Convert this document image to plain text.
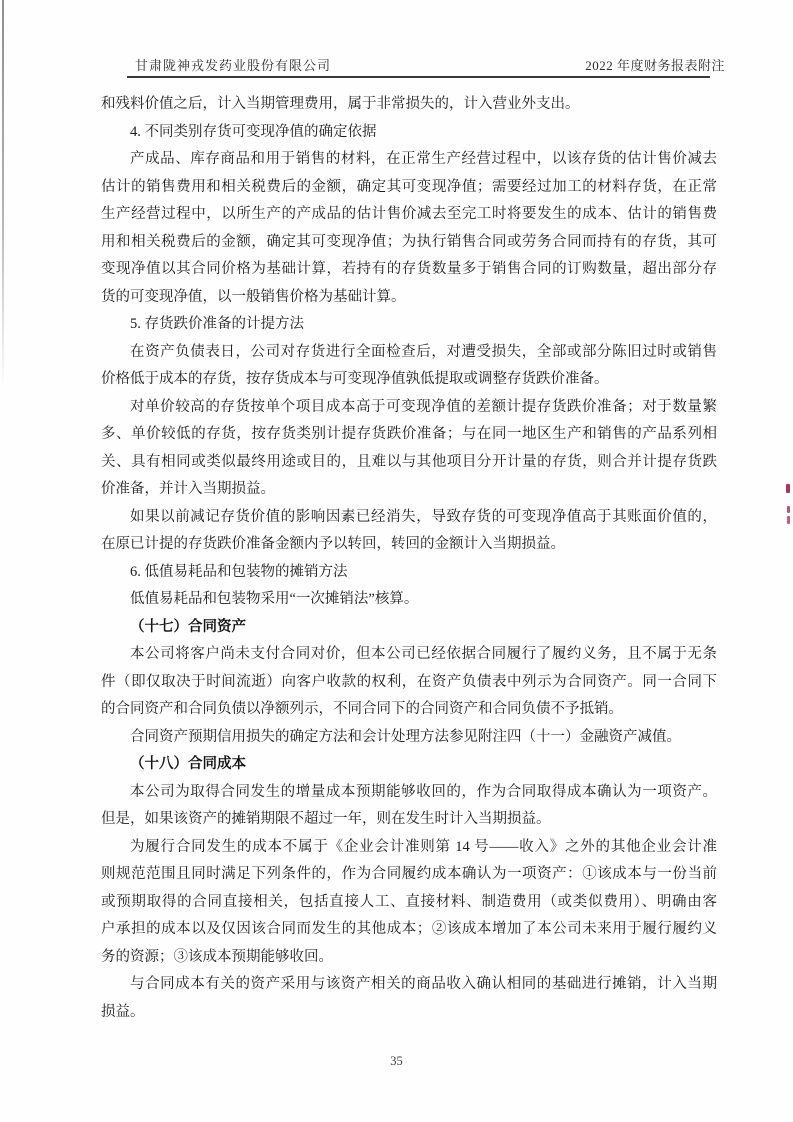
甘肃陇神戎发药业股份有限公司	2022 年度财务报表附注
和残料价值之后，计入当期管理费用，属于非常损失的，计入营业外支出。
4. 不同类别存货可变现净值的确定依据
产成品、库存商品和用于销售的材料，在正常生产经营过程中，以该存货的估计售价减去
估计的销售费用和相关税费后的金额，确定其可变现净值；需要经过加工的材料存货，在正常
生产经营过程中，以所生产的产成品的估计售价减去至完工时将要发生的成本、估计的销售费
用和相关税费后的金额，确定其可变现净值；为执行销售合同或劳务合同而持有的存货，其可
变现净值以其合同价格为基础计算，若持有的存货数量多于销售合同的订购数量，超出部分存
货的可变现净值，以一般销售价格为基础计算。
5. 存货跌价准备的计提方法
在资产负债表日，公司对存货进行全面检查后，对遭受损失，全部或部分陈旧过时或销售
价格低于成本的存货，按存货成本与可变现净值孰低提取或调整存货跌价准备。
对单价较高的存货按单个项目成本高于可变现净值的差额计提存货跌价准备；对于数量繁
多、单价较低的存货，按存货类别计提存货跌价准备；与在同一地区生产和销售的产品系列相
关、具有相同或类似最终用途或目的，且难以与其他项目分开计量的存货，则合并计提存货跌
价准备，并计入当期损益。
如果以前减记存货价值的影响因素已经消失，导致存货的可变现净值高于其账面价值的，
在原已计提的存货跌价准备金额内予以转回，转回的金额计入当期损益。
6. 低值易耗品和包装物的摊销方法
低值易耗品和包装物采用“一次摊销法”核算。
（十七）合同资产
本公司将客户尚未支付合同对价，但本公司已经依据合同履行了履约义务，且不属于无条
件（即仅取决于时间流逝）向客户收款的权利，在资产负债表中列示为合同资产。同一合同下
的合同资产和合同负债以净额列示，不同合同下的合同资产和合同负债不予抵销。
合同资产预期信用损失的确定方法和会计处理方法参见附注四（十一）金融资产减值。
（十八）合同成本
本公司为取得合同发生的增量成本预期能够收回的，作为合同取得成本确认为一项资产。
但是，如果该资产的摊销期限不超过一年，则在发生时计入当期损益。
为履行合同发生的成本不属于《企业会计准则第 14 号——收入》之外的其他企业会计准
则规范范围且同时满足下列条件的，作为合同履约成本确认为一项资产：①该成本与一份当前
或预期取得的合同直接相关，包括直接人工、直接材料、制造费用（或类似费用）、明确由客
户承担的成本以及仅因该合同而发生的其他成本；②该成本增加了本公司未来用于履行履约义
务的资源；③该成本预期能够收回。
与合同成本有关的资产采用与该资产相关的商品收入确认相同的基础进行摊销，计入当期
损益。
35
